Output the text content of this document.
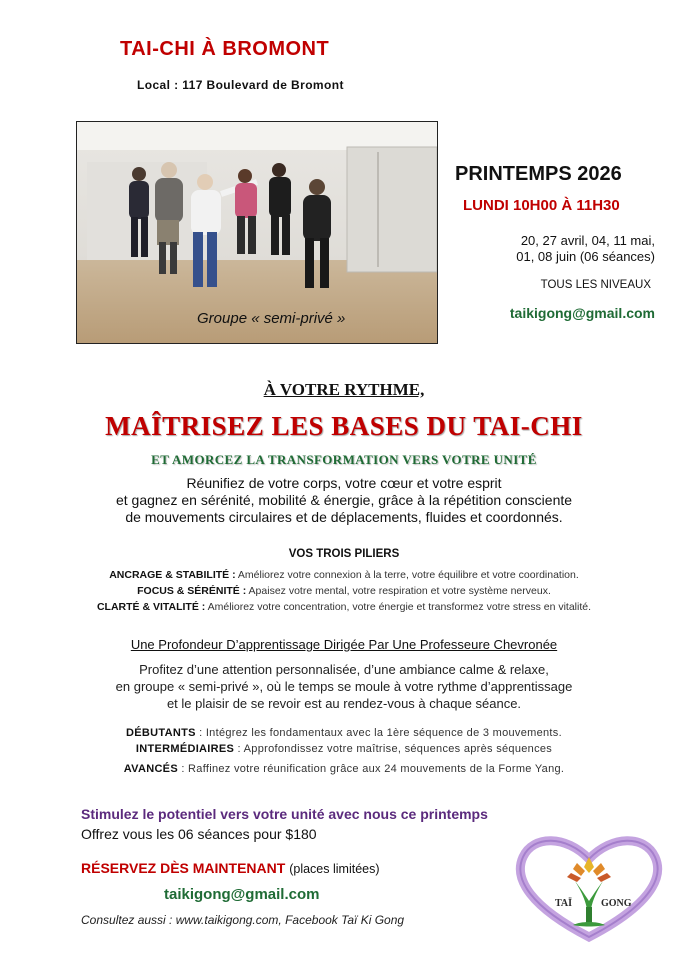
TAI-CHI À BROMONT
Local : 117 Boulevard de Bromont
Groupe « semi-privé »
PRINTEMPS 2026
LUNDI 10H00 À 11H30
20, 27 avril, 04, 11 mai,
01, 08 juin (06 séances)
TOUS LES NIVEAUX
taikigong@gmail.com
À VOTRE RYTHME,
MAÎTRISEZ LES BASES DU TAI-CHI
ET AMORCEZ LA TRANSFORMATION VERS VOTRE UNITÉ
Réunifiez de votre corps, votre cœur et votre esprit
et gagnez en sérénité, mobilité & énergie, grâce à la répétition consciente
de mouvements circulaires et de déplacements, fluides et coordonnés.
VOS TROIS PILIERS
ANCRAGE & STABILITÉ : Améliorez votre connexion à la terre, votre équilibre et votre coordination.
FOCUS & SÉRÉNITÉ : Apaisez votre mental, votre respiration et votre système nerveux.
CLARTÉ & VITALITÉ : Améliorez votre concentration, votre énergie et transformez votre stress en vitalité.
Une Profondeur D’apprentissage Dirigée Par Une Professeure Chevronée
Profitez d’une attention personnalisée, d’une ambiance calme & relaxe,
en groupe « semi-privé », où le temps se moule à votre rythme d’apprentissage
et le plaisir de se revoir est au rendez-vous à chaque séance.
DÉBUTANTS : Intégrez les fondamentaux avec la 1ère séquence de 3 mouvements.
INTERMÉDIAIRES : Approfondissez votre maîtrise, séquences après séquences
AVANCÉS : Raffinez votre réunification grâce aux 24 mouvements de la Forme Yang.
Stimulez le potentiel vers votre unité avec nous ce printemps
Offrez vous les 06 séances pour $180
RÉSERVEZ DÈS MAINTENANT (places limitées)
taikigong@gmail.com
Consultez aussi : www.taikigong.com, Facebook Taï Ki Gong
TAÏ	GONG
